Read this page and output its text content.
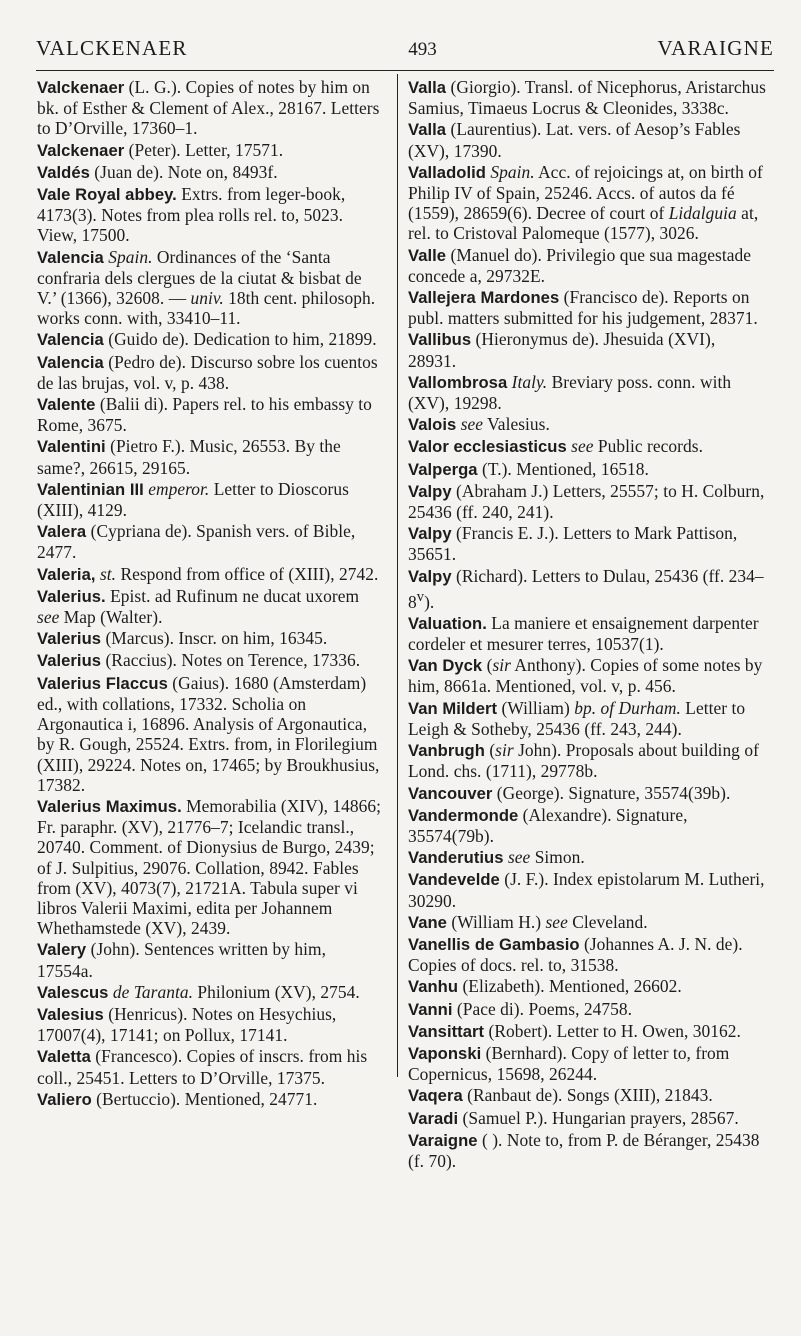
VALCKENAER	493	VARAIGNE
Valckenaer (L. G.). Copies of notes by him on bk. of Esther & Clement of Alex., 28167. Letters to D’Orville, 17360–1.
Valckenaer (Peter). Letter, 17571.
Valdés (Juan de). Note on, 8493f.
Vale Royal abbey. Extrs. from leger-book, 4173(3). Notes from plea rolls rel. to, 5023. View, 17500.
Valencia Spain. Ordinances of the ‘Santa confraria dels clergues de la ciutat & bisbat de V.’ (1366), 32608. — univ. 18th cent. philosoph. works conn. with, 33410–11.
Valencia (Guido de). Dedication to him, 21899.
Valencia (Pedro de). Discurso sobre los cuentos de las brujas, vol. v, p. 438.
Valente (Balii di). Papers rel. to his embassy to Rome, 3675.
Valentini (Pietro F.). Music, 26553. By the same?, 26615, 29165.
Valentinian III emperor. Letter to Dioscorus (XIII), 4129.
Valera (Cypriana de). Spanish vers. of Bible, 2477.
Valeria, st. Respond from office of (XIII), 2742.
Valerius. Epist. ad Rufinum ne ducat uxorem see Map (Walter).
Valerius (Marcus). Inscr. on him, 16345.
Valerius (Raccius). Notes on Terence, 17336.
Valerius Flaccus (Gaius). 1680 (Amsterdam) ed., with collations, 17332. Scholia on Argonautica i, 16896. Analysis of Argonautica, by R. Gough, 25524. Extrs. from, in Florilegium (XIII), 29224. Notes on, 17465; by Broukhusius, 17382.
Valerius Maximus. Memorabilia (XIV), 14866; Fr. paraphr. (XV), 21776–7; Icelandic transl., 20740. Comment. of Dionysius de Burgo, 2439; of J. Sulpitius, 29076. Collation, 8942. Fables from (XV), 4073(7), 21721A. Tabula super vi libros Valerii Maximi, edita per Johannem Whethamstede (XV), 2439.
Valery (John). Sentences written by him, 17554a.
Valescus de Taranta. Philonium (XV), 2754.
Valesius (Henricus). Notes on Hesychius, 17007(4), 17141; on Pollux, 17141.
Valetta (Francesco). Copies of inscrs. from his coll., 25451. Letters to D’Orville, 17375.
Valiero (Bertuccio). Mentioned, 24771.
Valla (Giorgio). Transl. of Nicephorus, Aristarchus Samius, Timaeus Locrus & Cleonides, 3338c.
Valla (Laurentius). Lat. vers. of Aesop’s Fables (XV), 17390.
Valladolid Spain. Acc. of rejoicings at, on birth of Philip IV of Spain, 25246. Accs. of autos da fé (1559), 28659(6). Decree of court of Lidalguia at, rel. to Cristoval Palomeque (1577), 3026.
Valle (Manuel do). Privilegio que sua magestade concede a, 29732E.
Vallejera Mardones (Francisco de). Reports on publ. matters submitted for his judgement, 28371.
Vallibus (Hieronymus de). Jhesuida (XVI), 28931.
Vallombrosa Italy. Breviary poss. conn. with (XV), 19298.
Valois see Valesius.
Valor ecclesiasticus see Public records.
Valperga (T.). Mentioned, 16518.
Valpy (Abraham J.) Letters, 25557; to H. Colburn, 25436 (ff. 240, 241).
Valpy (Francis E. J.). Letters to Mark Pattison, 35651.
Valpy (Richard). Letters to Dulau, 25436 (ff. 234–8$^v$).
Valuation. La maniere et ensaignement darpenter cordeler et mesurer terres, 10537(1).
Van Dyck (sir Anthony). Copies of some notes by him, 8661a. Mentioned, vol. v, p. 456.
Van Mildert (William) bp. of Durham. Letter to Leigh & Sotheby, 25436 (ff. 243, 244).
Vanbrugh (sir John). Proposals about building of Lond. chs. (1711), 29778b.
Vancouver (George). Signature, 35574(39b).
Vandermonde (Alexandre). Signature, 35574(79b).
Vanderutius see Simon.
Vandevelde (J. F.). Index epistolarum M. Lutheri, 30290.
Vane (William H.) see Cleveland.
Vanellis de Gambasio (Johannes A. J. N. de). Copies of docs. rel. to, 31538.
Vanhu (Elizabeth). Mentioned, 26602.
Vanni (Pace di). Poems, 24758.
Vansittart (Robert). Letter to H. Owen, 30162.
Vaponski (Bernhard). Copy of letter to, from Copernicus, 15698, 26244.
Vaqera (Ranbaut de). Songs (XIII), 21843.
Varadi (Samuel P.). Hungarian prayers, 28567.
Varaigne ( ). Note to, from P. de Béranger, 25438 (f. 70).
